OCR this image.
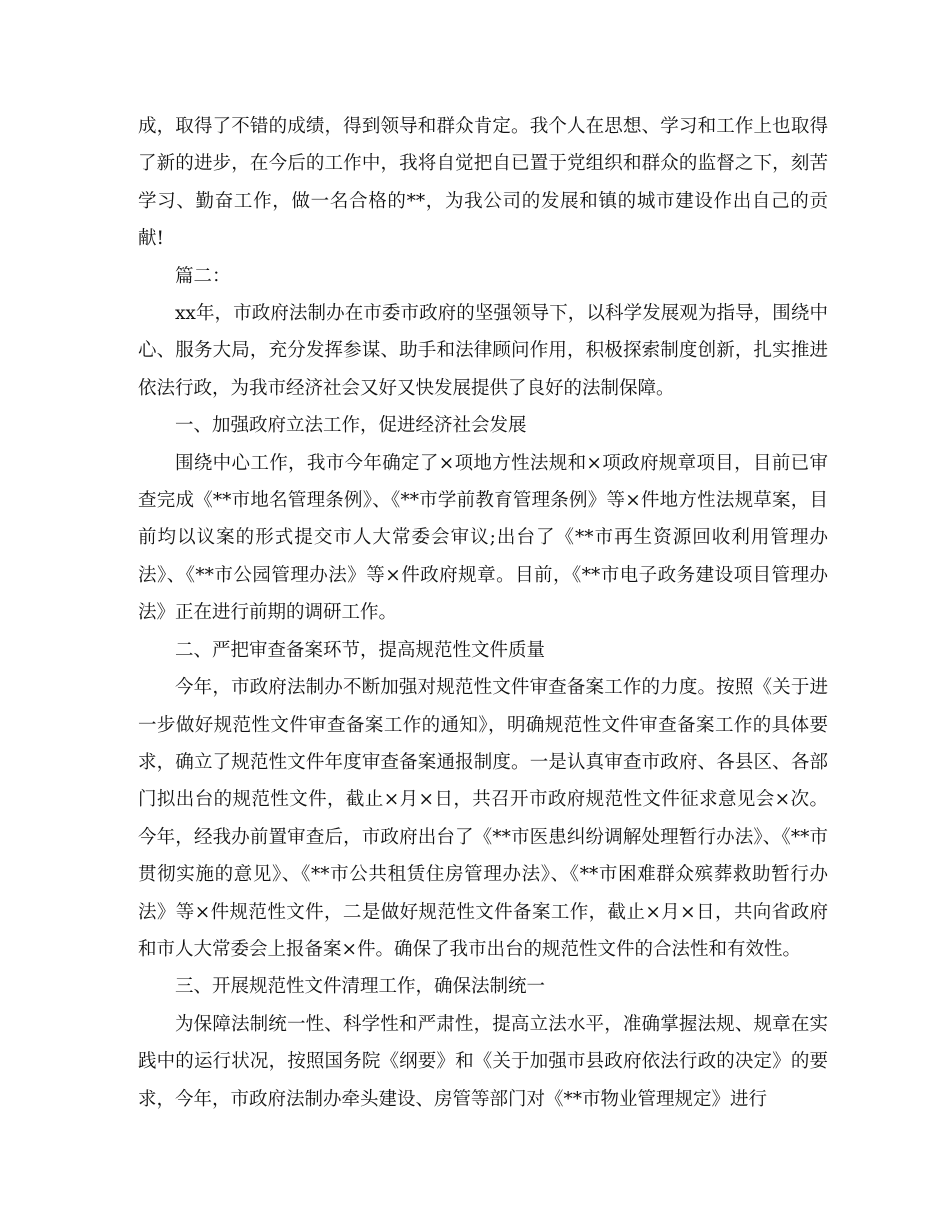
成，取得了不错的成绩，得到领导和群众肯定。我个人在思想、学习和工作上也取得了新的进步，在今后的工作中，我将自觉把自已置于党组织和群众的监督之下，刻苦学习、勤奋工作，做一名合格的**，为我公司的发展和镇的城市建设作出自己的贡献!

篇二：

xx年，市政府法制办在市委市政府的坚强领导下，以科学发展观为指导，围绕中心、服务大局，充分发挥参谋、助手和法律顾问作用，积极探索制度创新，扎实推进依法行政，为我市经济社会又好又快发展提供了良好的法制保障。

一、加强政府立法工作，促进经济社会发展

围绕中心工作，我市今年确定了×项地方性法规和×项政府规章项目，目前已审查完成《**市地名管理条例》、《**市学前教育管理条例》等×件地方性法规草案，目前均以议案的形式提交市人大常委会审议;出台了《**市再生资源回收利用管理办法》、《**市公园管理办法》等×件政府规章。目前，《**市电子政务建设项目管理办法》正在进行前期的调研工作。

二、严把审查备案环节，提高规范性文件质量

今年，市政府法制办不断加强对规范性文件审查备案工作的力度。按照《关于进一步做好规范性文件审查备案工作的通知》，明确规范性文件审查备案工作的具体要求，确立了规范性文件年度审查备案通报制度。一是认真审查市政府、各县区、各部门拟出台的规范性文件，截止×月×日，共召开市政府规范性文件征求意见会×次。今年，经我办前置审查后，市政府出台了《**市医患纠纷调解处理暂行办法》、《**市贯彻实施的意见》、《**市公共租赁住房管理办法》、《**市困难群众殡葬救助暂行办法》等×件规范性文件，二是做好规范性文件备案工作，截止×月×日，共向省政府和市人大常委会上报备案×件。确保了我市出台的规范性文件的合法性和有效性。

三、开展规范性文件清理工作，确保法制统一

为保障法制统一性、科学性和严肃性，提高立法水平，准确掌握法规、规章在实践中的运行状况，按照国务院《纲要》和《关于加强市县政府依法行政的决定》的要求，今年，市政府法制办牵头建设、房管等部门对《**市物业管理规定》进行
